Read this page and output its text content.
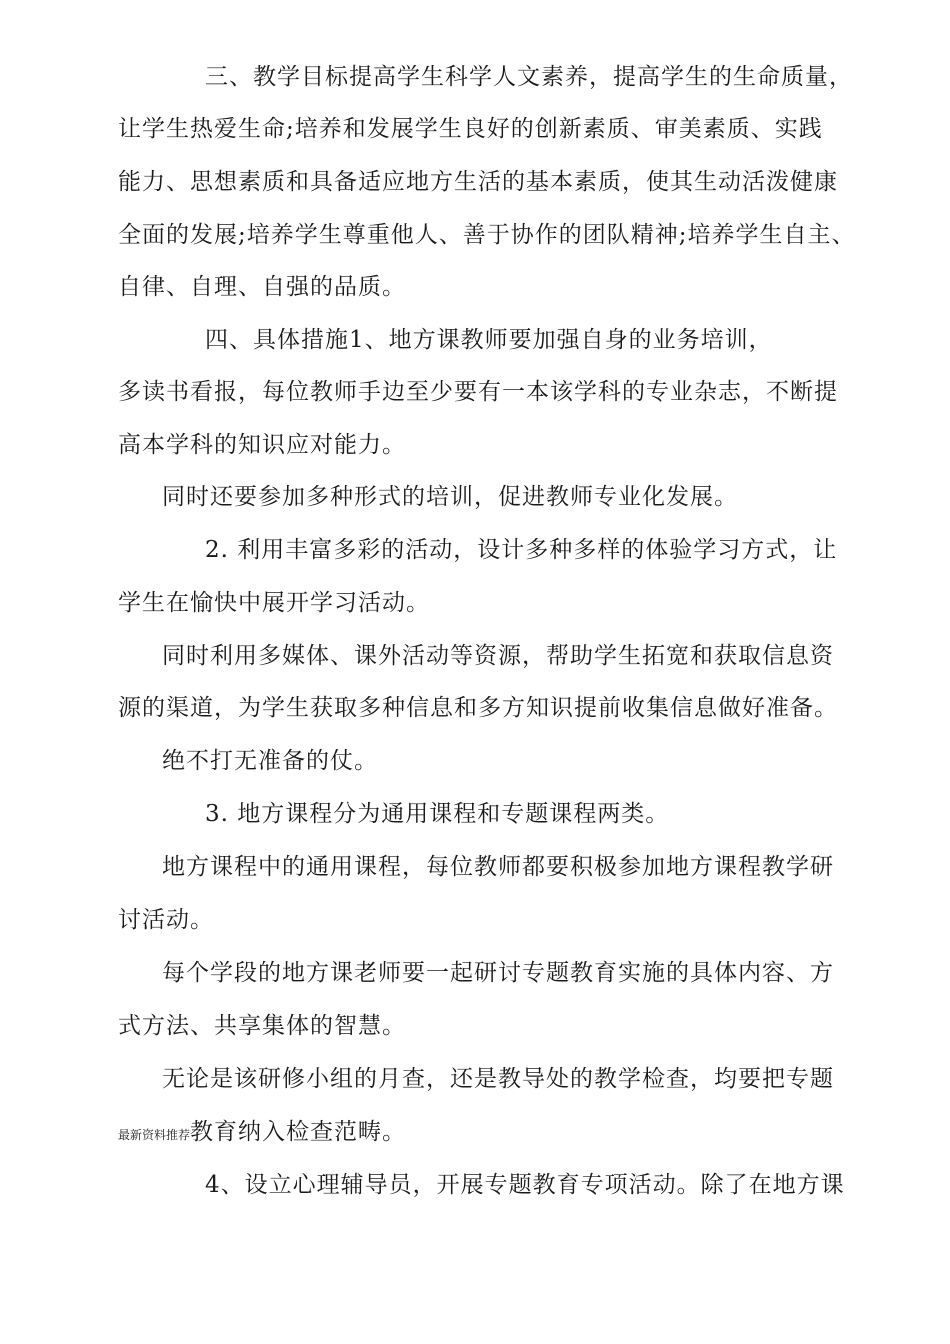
三、教学目标提高学生科学人文素养，提高学生的生命质量，
让学生热爱生命;培养和发展学生良好的创新素质、审美素质、实践
能力、思想素质和具备适应地方生活的基本素质，使其生动活泼健康
全面的发展;培养学生尊重他人、善于协作的团队精神;培养学生自主、
自律、自理、自强的品质。
四、具体措施1、地方课教师要加强自身的业务培训，
多读书看报，每位教师手边至少要有一本该学科的专业杂志，不断提
高本学科的知识应对能力。
同时还要参加多种形式的培训，促进教师专业化发展。
2. 利用丰富多彩的活动，设计多种多样的体验学习方式，让
学生在愉快中展开学习活动。
同时利用多媒体、课外活动等资源，帮助学生拓宽和获取信息资
源的渠道，为学生获取多种信息和多方知识提前收集信息做好准备。
绝不打无准备的仗。
3. 地方课程分为通用课程和专题课程两类。
地方课程中的通用课程，每位教师都要积极参加地方课程教学研
讨活动。
每个学段的地方课老师要一起研讨专题教育实施的具体内容、方
式方法、共享集体的智慧。
无论是该研修小组的月查，还是教导处的教学检查，均要把专题
最新资料推荐教育纳入检查范畴。
4、设立心理辅导员，开展专题教育专项活动。除了在地方课
